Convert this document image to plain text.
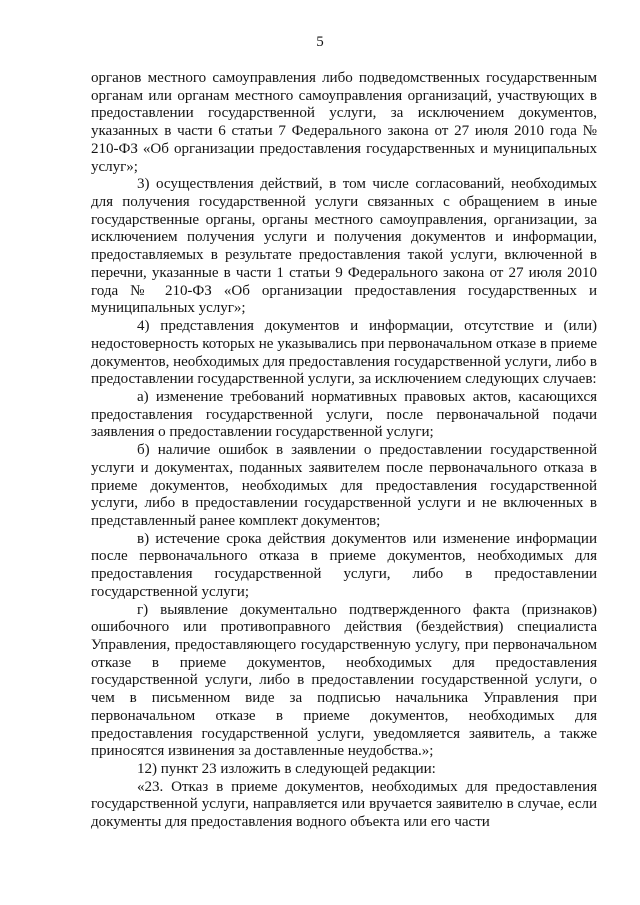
5

органов местного самоуправления либо подведомственных государственным органам или органам местного самоуправления организаций, участвующих в предоставлении государственной услуги, за исключением документов, указанных в части 6 статьи 7 Федерального закона от 27 июля 2010 года № 210-ФЗ «Об организации предоставления государственных и муниципальных услуг»;

3) осуществления действий, в том числе согласований, необходимых для получения государственной услуги связанных с обращением в иные государственные органы, органы местного самоуправления, организации, за исключением получения услуги и получения документов и информации, предоставляемых в результате предоставления такой услуги, включенной в перечни, указанные в части 1 статьи 9 Федерального закона от 27 июля 2010 года № 210-ФЗ «Об организации предоставления государственных и муниципальных услуг»;

4) представления документов и информации, отсутствие и (или) недостоверность которых не указывались при первоначальном отказе в приеме документов, необходимых для предоставления государственной услуги, либо в предоставлении государственной услуги, за исключением следующих случаев:

а) изменение требований нормативных правовых актов, касающихся предоставления государственной услуги, после первоначальной подачи заявления о предоставлении государственной услуги;

б) наличие ошибок в заявлении о предоставлении государственной услуги и документах, поданных заявителем после первоначального отказа в приеме документов, необходимых для предоставления государственной услуги, либо в предоставлении государственной услуги и не включенных в представленный ранее комплект документов;

в) истечение срока действия документов или изменение информации после первоначального отказа в приеме документов, необходимых для предоставления государственной услуги, либо в предоставлении государственной услуги;

г) выявление документально подтвержденного факта (признаков) ошибочного или противоправного действия (бездействия) специалиста Управления, предоставляющего государственную услугу, при первоначальном отказе в приеме документов, необходимых для предоставления государственной услуги, либо в предоставлении государственной услуги, о чем в письменном виде за подписью начальника Управления при первоначальном отказе в приеме документов, необходимых для предоставления государственной услуги, уведомляется заявитель, а также приносятся извинения за доставленные неудобства.»;

12) пункт 23 изложить в следующей редакции:

«23. Отказ в приеме документов, необходимых для предоставления государственной услуги, направляется или вручается заявителю в случае, если документы для предоставления водного объекта или его части
